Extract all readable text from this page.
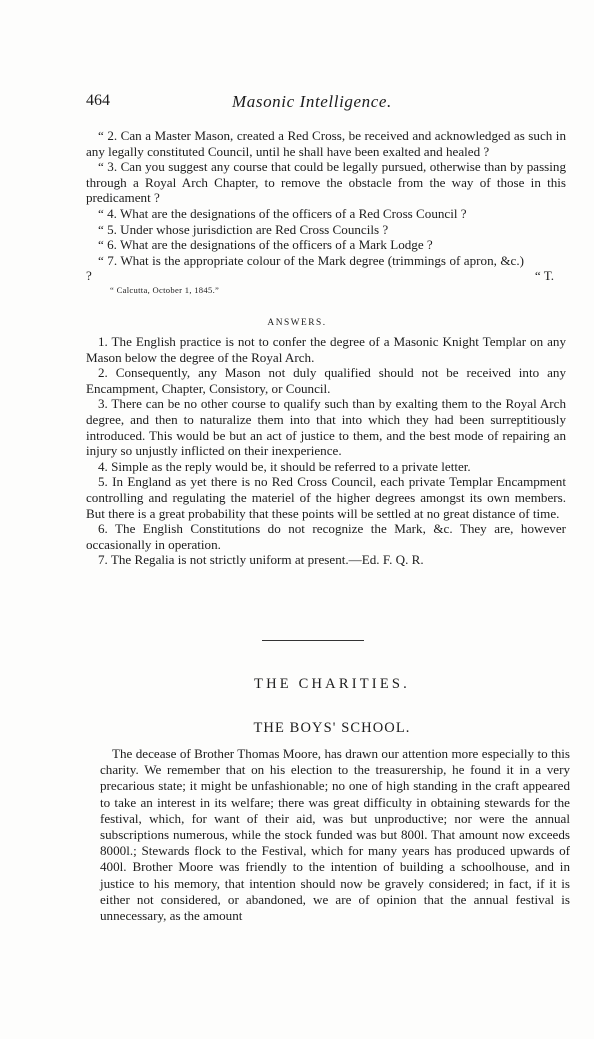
464	Masonic Intelligence.

“ 2. Can a Master Mason, created a Red Cross, be received and acknowledged as such in any legally constituted Council, until he shall have been exalted and healed ?

“ 3. Can you suggest any course that could be legally pursued, otherwise than by passing through a Royal Arch Chapter, to remove the obstacle from the way of those in this predicament ?

“ 4. What are the designations of the officers of a Red Cross Council ?

“ 5. Under whose jurisdiction are Red Cross Councils ?

“ 6. What are the designations of the officers of a Mark Lodge ?

“ 7. What is the appropriate colour of the Mark degree (trimmings of apron, &c.) ?	“ T.
“ Calcutta, October 1, 1845.”
ANSWERS.

1. The English practice is not to confer the degree of a Masonic Knight Templar on any Mason below the degree of the Royal Arch.

2. Consequently, any Mason not duly qualified should not be received into any Encampment, Chapter, Consistory, or Council.

3. There can be no other course to qualify such than by exalting them to the Royal Arch degree, and then to naturalize them into that into which they had been surreptitiously introduced. This would be but an act of justice to them, and the best mode of repairing an injury so unjustly inflicted on their inexperience.

4. Simple as the reply would be, it should be referred to a private letter.

5. In England as yet there is no Red Cross Council, each private Templar Encampment controlling and regulating the materiel of the higher degrees amongst its own members. But there is a great probability that these points will be settled at no great distance of time.

6. The English Constitutions do not recognize the Mark, &c. They are, however occasionally in operation.

7. The Regalia is not strictly uniform at present.—Ed. F. Q. R.

THE CHARITIES.
THE BOYS' SCHOOL.

The decease of Brother Thomas Moore, has drawn our attention more especially to this charity. We remember that on his election to the treasurership, he found it in a very precarious state; it might be unfashionable; no one of high standing in the craft appeared to take an interest in its welfare; there was great difficulty in obtaining stewards for the festival, which, for want of their aid, was but unproductive; nor were the annual subscriptions numerous, while the stock funded was but 800l. That amount now exceeds 8000l.; Stewards flock to the Festival, which for many years has produced upwards of 400l. Brother Moore was friendly to the intention of building a schoolhouse, and in justice to his memory, that intention should now be gravely considered; in fact, if it is either not considered, or abandoned, we are of opinion that the annual festival is unnecessary, as the amount
